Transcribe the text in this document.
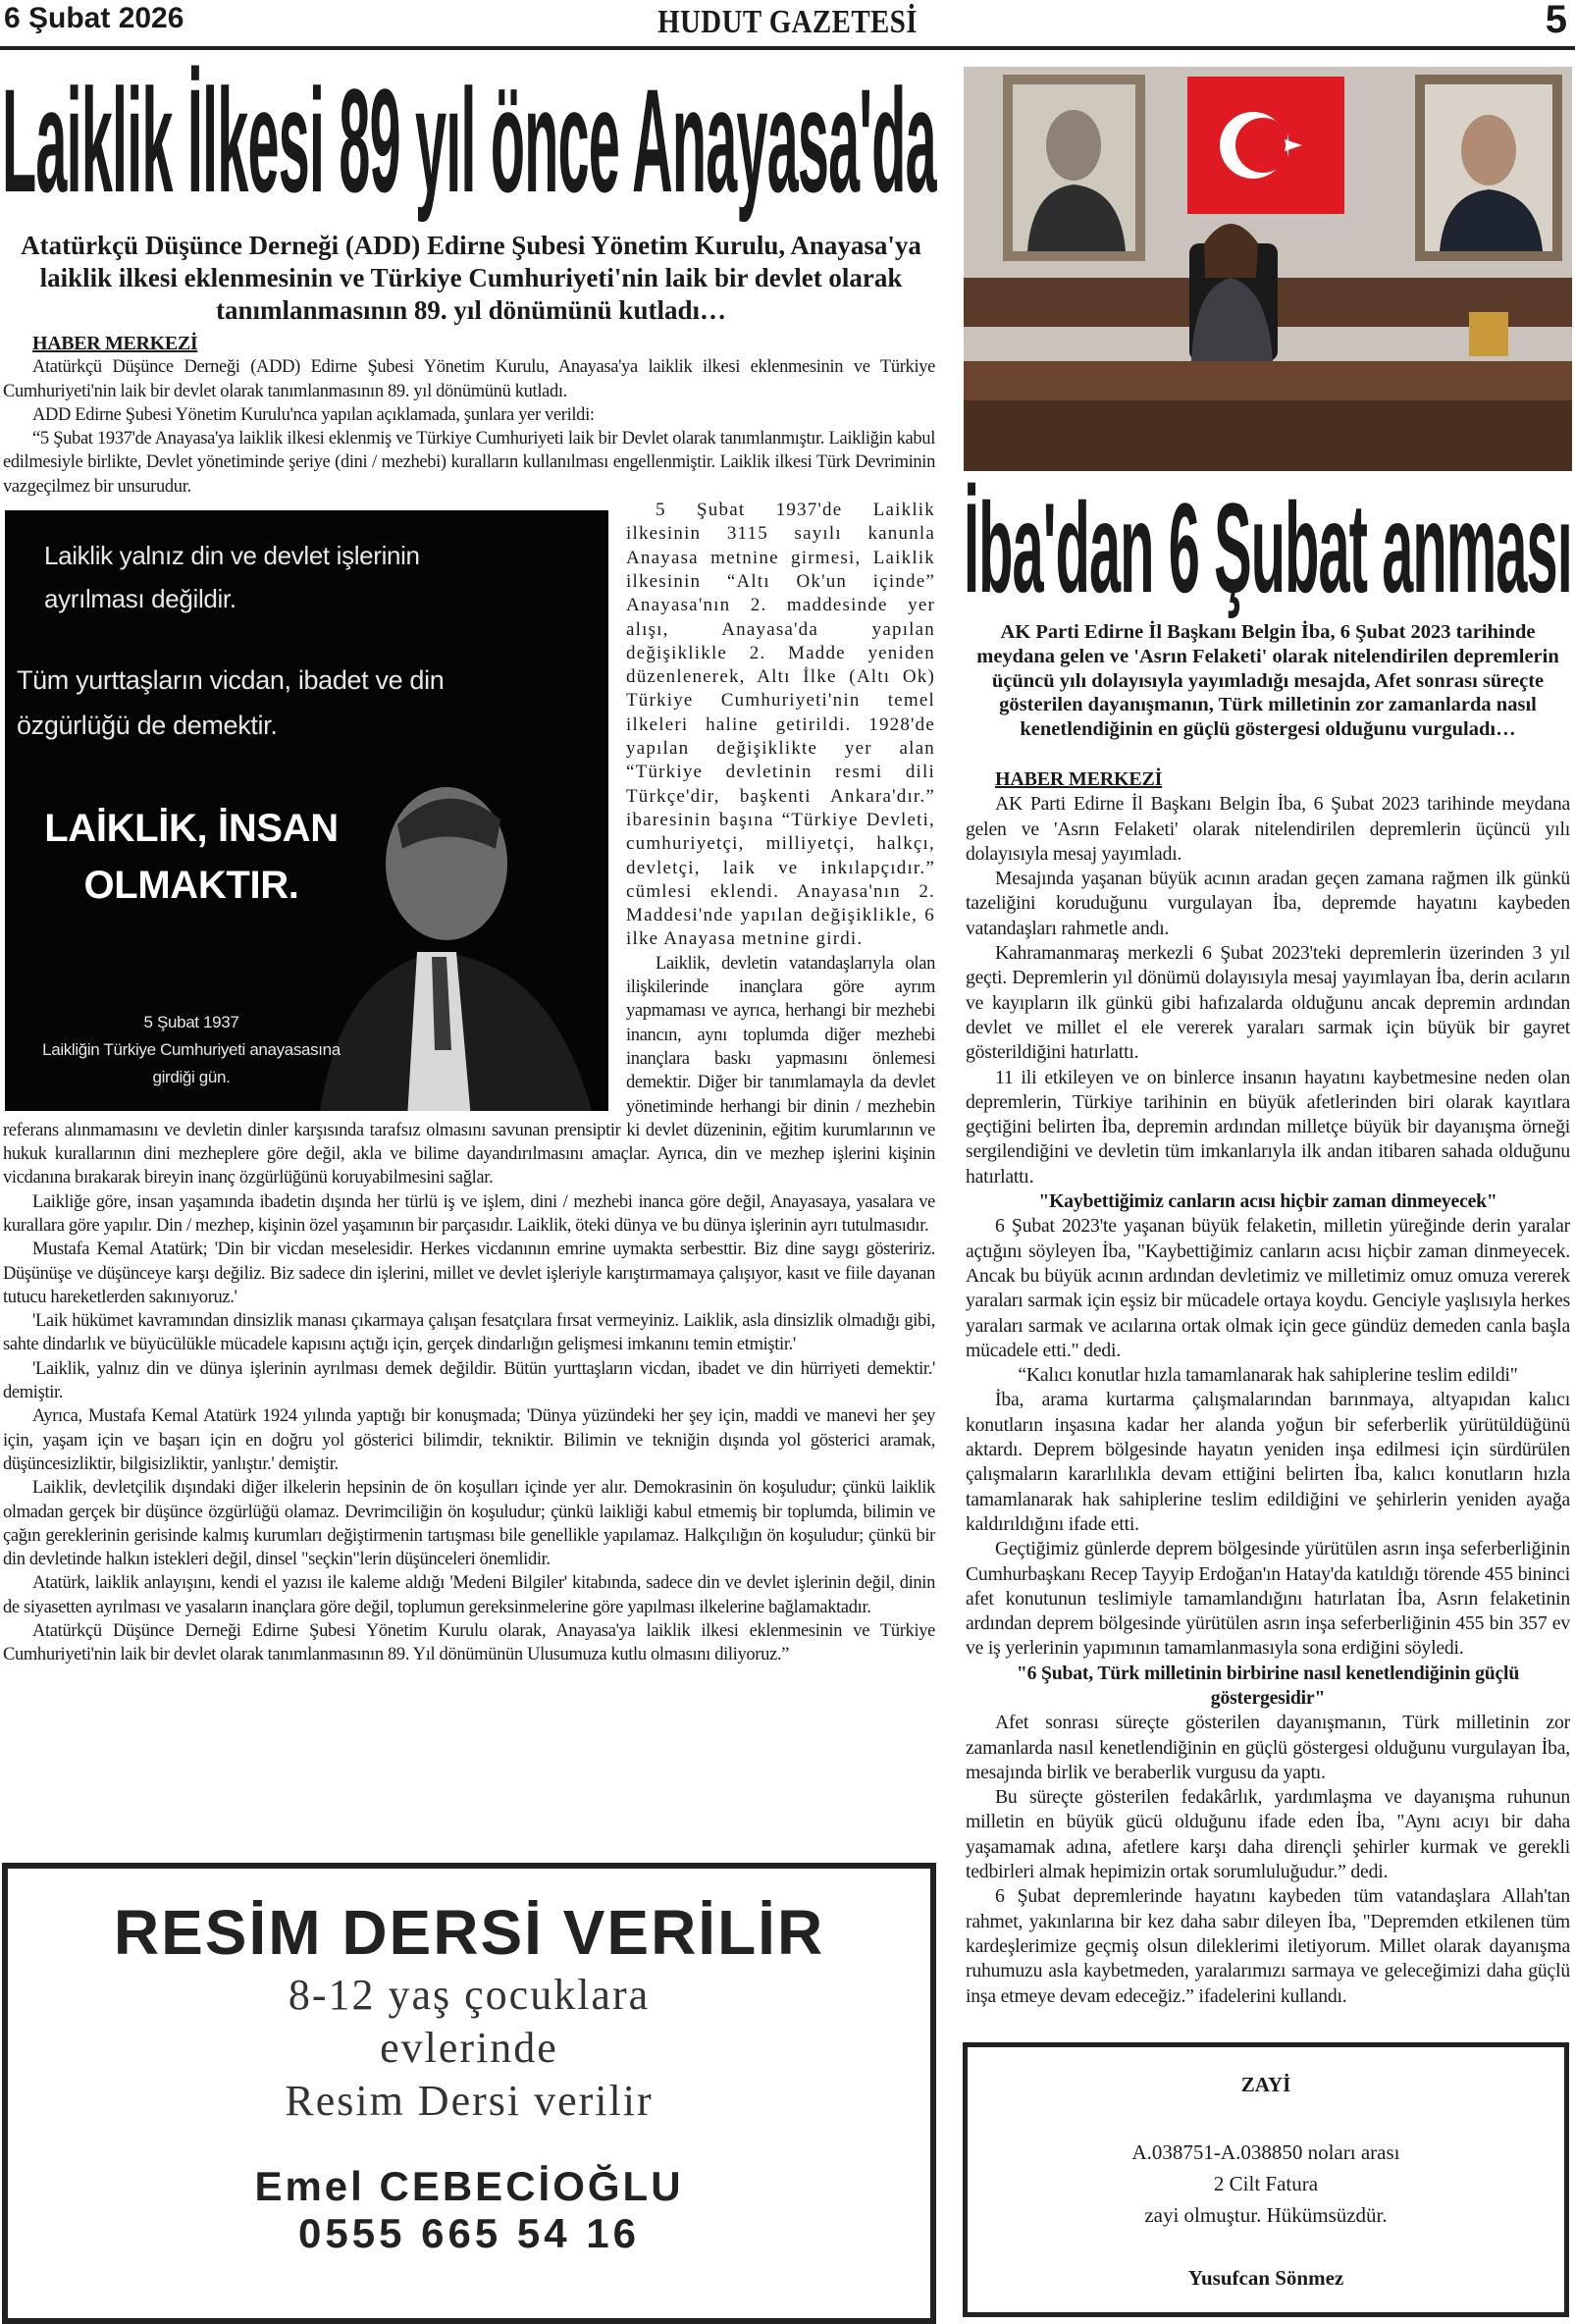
6 Şubat 2026	HUDUT GAZETESİ	5
Laiklik İlkesi 89 yıl önce Anayasa'da
Atatürkçü Düşünce Derneği (ADD) Edirne Şubesi Yönetim Kurulu, Anayasa'ya laiklik ilkesi eklenmesinin ve Türkiye Cumhuriyeti'nin laik bir devlet olarak tanımlanmasının 89. yıl dönümünü kutladı…
HABER MERKEZİ

Atatürkçü Düşünce Derneği (ADD) Edirne Şubesi Yönetim Kurulu, Anayasa'ya laiklik ilkesi eklenmesinin ve Türkiye Cumhuriyeti'nin laik bir devlet olarak tanımlanmasının 89. yıl dönümünü kutladı.

ADD Edirne Şubesi Yönetim Kurulu'nca yapılan açıklamada, şunlara yer verildi:

“5 Şubat 1937'de Anayasa'ya laiklik ilkesi eklenmiş ve Türkiye Cumhuriyeti laik bir Devlet olarak tanımlanmıştır. Laikliğin kabul edilmesiyle birlikte, Devlet yönetiminde şeriye (dini / mezhebi) kuralların kullanılması engellenmiştir. Laiklik ilkesi Türk Devriminin vazgeçilmez bir unsurudur.

Laiklik yalnız din ve devlet işlerinin ayrılması değildir.
Tüm yurttaşların vicdan, ibadet ve din özgürlüğü de demektir.
LAİKLİK, İNSAN OLMAKTIR.
5 Şubat 1937
Laikliğin Türkiye Cumhuriyeti anayasasına girdiği gün.

5 Şubat 1937'de Laiklik ilkesinin 3115 sayılı kanunla Anayasa metnine girmesi, Laiklik ilkesinin “Altı Ok'un içinde” Anayasa'nın 2. maddesinde yer alışı, Anayasa'da yapılan değişiklikle 2. Madde yeniden düzenlenerek, Altı İlke (Altı Ok) Türkiye Cumhuriyeti'nin temel ilkeleri haline getirildi. 1928'de yapılan değişiklikte yer alan “Türkiye devletinin resmi dili Türkçe'dir, başkenti Ankara'dır.” ibaresinin başına “Türkiye Devleti, cumhuriyetçi, milliyetçi, halkçı, devletçi, laik ve inkılapçıdır.” cümlesi eklendi. Anayasa'nın 2. Maddesi'nde yapılan değişiklikle, 6 ilke Anayasa metnine girdi.

Laiklik, devletin vatandaşlarıyla olan ilişkilerinde inançlara göre ayrım yapmaması ve ayrıca, herhangi bir mezhebi inancın, aynı toplumda diğer mezhebi inançlara baskı yapmasını önlemesi demektir. Diğer bir tanımlamayla da devlet yönetiminde herhangi bir dinin / mezhebin referans alınmamasını ve devletin dinler karşısında tarafsız olmasını savunan prensiptir ki devlet düzeninin, eğitim kurumlarının ve hukuk kurallarının dini mezheplere göre değil, akla ve bilime dayandırılmasını amaçlar. Ayrıca, din ve mezhep işlerini kişinin vicdanına bırakarak bireyin inanç özgürlüğünü koruyabilmesini sağlar.

Laikliğe göre, insan yaşamında ibadetin dışında her türlü iş ve işlem, dini / mezhebi inanca göre değil, Anayasaya, yasalara ve kurallara göre yapılır. Din / mezhep, kişinin özel yaşamının bir parçasıdır. Laiklik, öteki dünya ve bu dünya işlerinin ayrı tutulmasıdır.

Mustafa Kemal Atatürk; 'Din bir vicdan meselesidir. Herkes vicdanının emrine uymakta serbesttir. Biz dine saygı gösteririz. Düşünüşe ve düşünceye karşı değiliz. Biz sadece din işlerini, millet ve devlet işleriyle karıştırmamaya çalışıyor, kasıt ve fiile dayanan tutucu hareketlerden sakınıyoruz.'

'Laik hükümet kavramından dinsizlik manası çıkarmaya çalışan fesatçılara fırsat vermeyiniz. Laiklik, asla dinsizlik olmadığı gibi, sahte dindarlık ve büyücülükle mücadele kapısını açtığı için, gerçek dindarlığın gelişmesi imkanını temin etmiştir.'

'Laiklik, yalnız din ve dünya işlerinin ayrılması demek değildir. Bütün yurttaşların vicdan, ibadet ve din hürriyeti demektir.' demiştir.

Ayrıca, Mustafa Kemal Atatürk 1924 yılında yaptığı bir konuşmada; 'Dünya yüzündeki her şey için, maddi ve manevi her şey için, yaşam için ve başarı için en doğru yol gösterici bilimdir, tekniktir. Bilimin ve tekniğin dışında yol gösterici aramak, düşüncesizliktir, bilgisizliktir, yanlıştır.' demiştir.

Laiklik, devletçilik dışındaki diğer ilkelerin hepsinin de ön koşulları içinde yer alır. Demokrasinin ön koşuludur; çünkü laiklik olmadan gerçek bir düşünce özgürlüğü olamaz. Devrimciliğin ön koşuludur; çünkü laikliği kabul etmemiş bir toplumda, bilimin ve çağın gereklerinin gerisinde kalmış kurumları değiştirmenin tartışması bile genellikle yapılamaz. Halkçılığın ön koşuludur; çünkü bir din devletinde halkın istekleri değil, dinsel "seçkin"lerin düşünceleri önemlidir.

Atatürk, laiklik anlayışını, kendi el yazısı ile kaleme aldığı 'Medeni Bilgiler' kitabında, sadece din ve devlet işlerinin değil, dinin de siyasetten ayrılması ve yasaların inançlara göre değil, toplumun gereksinmelerine göre yapılması ilkelerine bağlamaktadır.

Atatürkçü Düşünce Derneği Edirne Şubesi Yönetim Kurulu olarak, Anayasa'ya laiklik ilkesi eklenmesinin ve Türkiye Cumhuriyeti'nin laik bir devlet olarak tanımlanmasının 89. Yıl dönümünün Ulusumuza kutlu olmasını diliyoruz.”

RESİM DERSİ VERİLİR
8-12 yaş çocuklara
evlerinde
Resim Dersi verilir
Emel CEBECİOĞLU
0555 665 54 16
İba'dan 6 Şubat anması
AK Parti Edirne İl Başkanı Belgin İba, 6 Şubat 2023 tarihinde meydana gelen ve 'Asrın Felaketi' olarak nitelendirilen depremlerin üçüncü yılı dolayısıyla yayımladığı mesajda, Afet sonrası süreçte gösterilen dayanışmanın, Türk milletinin zor zamanlarda nasıl kenetlendiğinin en güçlü göstergesi olduğunu vurguladı…
HABER MERKEZİ

AK Parti Edirne İl Başkanı Belgin İba, 6 Şubat 2023 tarihinde meydana gelen ve 'Asrın Felaketi' olarak nitelendirilen depremlerin üçüncü yılı dolayısıyla mesaj yayımladı.

Mesajında yaşanan büyük acının aradan geçen zamana rağmen ilk günkü tazeliğini koruduğunu vurgulayan İba, depremde hayatını kaybeden vatandaşları rahmetle andı.

Kahramanmaraş merkezli 6 Şubat 2023'teki depremlerin üzerinden 3 yıl geçti. Depremlerin yıl dönümü dolayısıyla mesaj yayımlayan İba, derin acıların ve kayıpların ilk günkü gibi hafızalarda olduğunu ancak depremin ardından devlet ve millet el ele vererek yaraları sarmak için büyük bir gayret gösterildiğini hatırlattı.

11 ili etkileyen ve on binlerce insanın hayatını kaybetmesine neden olan depremlerin, Türkiye tarihinin en büyük afetlerinden biri olarak kayıtlara geçtiğini belirten İba, depremin ardından milletçe büyük bir dayanışma örneği sergilendiğini ve devletin tüm imkanlarıyla ilk andan itibaren sahada olduğunu hatırlattı.

"Kaybettiğimiz canların acısı hiçbir zaman dinmeyecek"

6 Şubat 2023'te yaşanan büyük felaketin, milletin yüreğinde derin yaralar açtığını söyleyen İba, "Kaybettiğimiz canların acısı hiçbir zaman dinmeyecek. Ancak bu büyük acının ardından devletimiz ve milletimiz omuz omuza vererek yaraları sarmak için eşsiz bir mücadele ortaya koydu. Genciyle yaşlısıyla herkes yaraları sarmak ve acılarına ortak olmak için gece gündüz demeden canla başla mücadele etti." dedi.

“Kalıcı konutlar hızla tamamlanarak hak sahiplerine teslim edildi"

İba, arama kurtarma çalışmalarından barınmaya, altyapıdan kalıcı konutların inşasına kadar her alanda yoğun bir seferberlik yürütüldüğünü aktardı. Deprem bölgesinde hayatın yeniden inşa edilmesi için sürdürülen çalışmaların kararlılıkla devam ettiğini belirten İba, kalıcı konutların hızla tamamlanarak hak sahiplerine teslim edildiğini ve şehirlerin yeniden ayağa kaldırıldığını ifade etti.

Geçtiğimiz günlerde deprem bölgesinde yürütülen asrın inşa seferberliğinin Cumhurbaşkanı Recep Tayyip Erdoğan'ın Hatay'da katıldığı törende 455 bininci afet konutunun teslimiyle tamamlandığını hatırlatan İba, Asrın felaketinin ardından deprem bölgesinde yürütülen asrın inşa seferberliğinin 455 bin 357 ev ve iş yerlerinin yapımının tamamlanmasıyla sona erdiğini söyledi.

"6 Şubat, Türk milletinin birbirine nasıl kenetlendiğinin güçlü göstergesidir"

Afet sonrası süreçte gösterilen dayanışmanın, Türk milletinin zor zamanlarda nasıl kenetlendiğinin en güçlü göstergesi olduğunu vurgulayan İba, mesajında birlik ve beraberlik vurgusu da yaptı.

Bu süreçte gösterilen fedakârlık, yardımlaşma ve dayanışma ruhunun milletin en büyük gücü olduğunu ifade eden İba, "Aynı acıyı bir daha yaşamamak adına, afetlere karşı daha dirençli şehirler kurmak ve gerekli tedbirleri almak hepimizin ortak sorumluluğudur.” dedi.

6 Şubat depremlerinde hayatını kaybeden tüm vatandaşlara Allah'tan rahmet, yakınlarına bir kez daha sabır dileyen İba, "Depremden etkilenen tüm kardeşlerimize geçmiş olsun dileklerimi iletiyorum. Millet olarak dayanışma ruhumuzu asla kaybetmeden, yaralarımızı sarmaya ve geleceğimizi daha güçlü inşa etmeye devam edeceğiz.” ifadelerini kullandı.

ZAYİ
A.038751-A.038850 noları arası
2 Cilt Fatura
zayi olmuştur. Hükümsüzdür.
Yusufcan Sönmez
